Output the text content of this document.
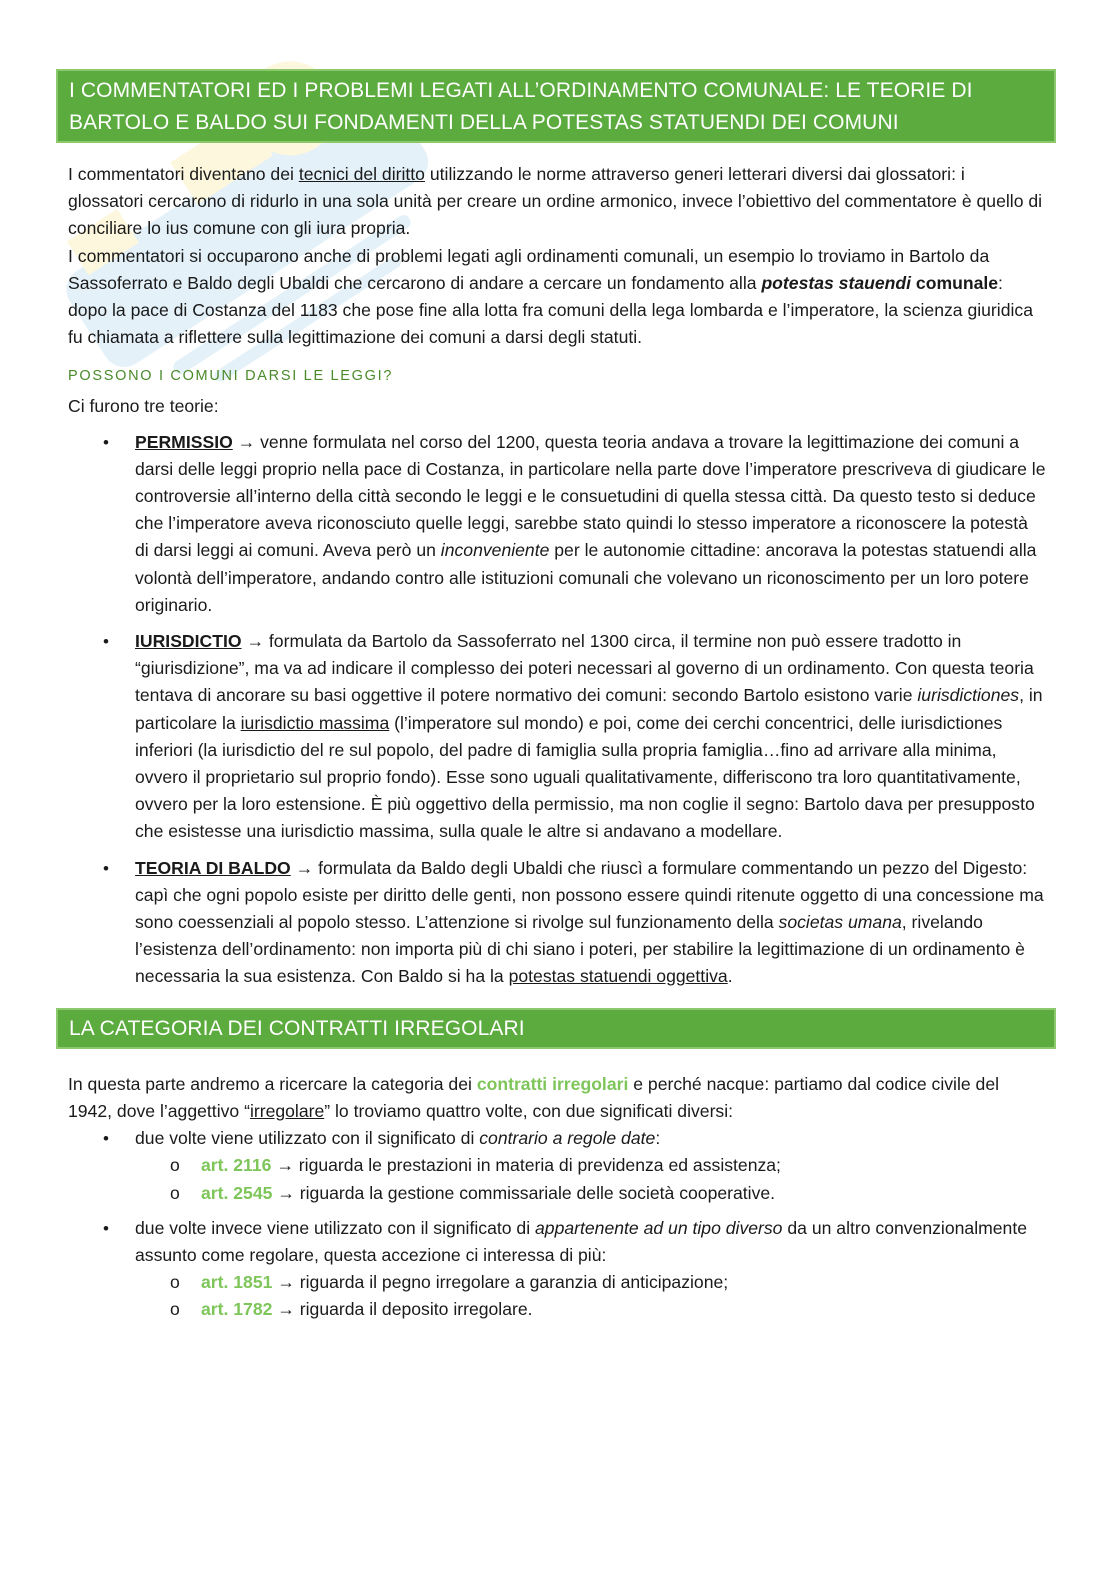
I COMMENTATORI ED I PROBLEMI LEGATI ALL’ORDINAMENTO COMUNALE: LE TEORIE DI BARTOLO E BALDO SUI FONDAMENTI DELLA POTESTAS STATUENDI DEI COMUNI

I commentatori diventano dei tecnici del diritto utilizzando le norme attraverso generi letterari diversi dai glossatori: i glossatori cercarono di ridurlo in una sola unità per creare un ordine armonico, invece l’obiettivo del commentatore è quello di conciliare lo ius comune con gli iura propria.

I commentatori si occuparono anche di problemi legati agli ordinamenti comunali, un esempio lo troviamo in Bartolo da Sassoferrato e Baldo degli Ubaldi che cercarono di andare a cercare un fondamento alla potestas stauendi comunale: dopo la pace di Costanza del 1183 che pose fine alla lotta fra comuni della lega lombarda e l’imperatore, la scienza giuridica fu chiamata a riflettere sulla legittimazione dei comuni a darsi degli statuti.

POSSONO I COMUNI DARSI LE LEGGI?

Ci furono tre teorie:

• PERMISSIO → venne formulata nel corso del 1200, questa teoria andava a trovare la legittimazione dei comuni a darsi delle leggi proprio nella pace di Costanza, in particolare nella parte dove l’imperatore prescriveva di giudicare le controversie all’interno della città secondo le leggi e le consuetudini di quella stessa città. Da questo testo si deduce che l’imperatore aveva riconosciuto quelle leggi, sarebbe stato quindi lo stesso imperatore a riconoscere la potestà di darsi leggi ai comuni. Aveva però un inconveniente per le autonomie cittadine: ancorava la potestas statuendi alla volontà dell’imperatore, andando contro alle istituzioni comunali che volevano un riconoscimento per un loro potere originario.
• IURISDICTIO → formulata da Bartolo da Sassoferrato nel 1300 circa, il termine non può essere tradotto in “giurisdizione”, ma va ad indicare il complesso dei poteri necessari al governo di un ordinamento. Con questa teoria tentava di ancorare su basi oggettive il potere normativo dei comuni: secondo Bartolo esistono varie iurisdictiones, in particolare la iurisdictio massima (l’imperatore sul mondo) e poi, come dei cerchi concentrici, delle iurisdictiones inferiori (la iurisdictio del re sul popolo, del padre di famiglia sulla propria famiglia…fino ad arrivare alla minima, ovvero il proprietario sul proprio fondo). Esse sono uguali qualitativamente, differiscono tra loro quantitativamente, ovvero per la loro estensione. È più oggettivo della permissio, ma non coglie il segno: Bartolo dava per presupposto che esistesse una iurisdictio massima, sulla quale le altre si andavano a modellare.
• TEORIA DI BALDO → formulata da Baldo degli Ubaldi che riuscì a formulare commentando un pezzo del Digesto: capì che ogni popolo esiste per diritto delle genti, non possono essere quindi ritenute oggetto di una concessione ma sono coessenziali al popolo stesso. L’attenzione si rivolge sul funzionamento della societas umana, rivelando l’esistenza dell’ordinamento: non importa più di chi siano i poteri, per stabilire la legittimazione di un ordinamento è necessaria la sua esistenza. Con Baldo si ha la potestas statuendi oggettiva.
LA CATEGORIA DEI CONTRATTI IRREGOLARI

In questa parte andremo a ricercare la categoria dei contratti irregolari e perché nacque: partiamo dal codice civile del 1942, dove l’aggettivo “irregolare” lo troviamo quattro volte, con due significati diversi:

• due volte viene utilizzato con il significato di contrario a regole date:
o art. 2116 → riguarda le prestazioni in materia di previdenza ed assistenza;
o art. 2545 → riguarda la gestione commissariale delle società cooperative.
• due volte invece viene utilizzato con il significato di appartenente ad un tipo diverso da un altro convenzionalmente assunto come regolare, questa accezione ci interessa di più:
o art. 1851 → riguarda il pegno irregolare a garanzia di anticipazione;
o art. 1782 → riguarda il deposito irregolare.
